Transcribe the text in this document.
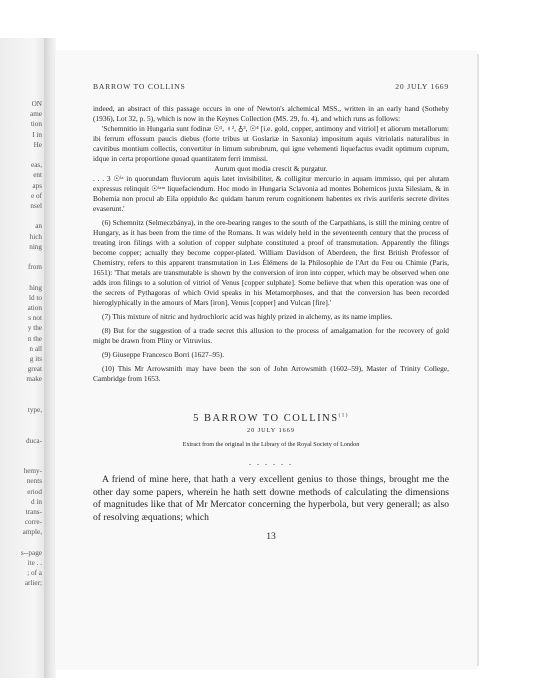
ON
ame
tion
I in
He
eas,
ent
aps
e of
nsel
an
hich
ning
from
hing
ld to
ation
s not
y the
n the
n all
g its
great
make
type,
duca-
hemy-
nents
eriod
d in
trans-
corre-
ample,
s--page
ite . .
; of a
arlier;
BARROW TO COLLINS	20 JULY 1669

indeed, an abstract of this passage occurs in one of Newton's alchemical MSS., written in an early hand (Sotheby (1936), Lot 32, p. 5), which is now in the Keynes Collection (MS. 29, fo. 4), and which runs as follows:

'Schemnitio in Hungaria sunt fodinæ ☉¹, ♀², ♁³, ☉⁴ [i.e. gold, copper, antimony and vitriol] et aliorum metallorum: ibi ferrum effossum paucis diebus (forte tribus ut Goslariæ in Saxonia) impositum aquis vitriolatis naturalibus in cavitibus montium collectis, convertitur in limum subrubrum, qui igne vehementi liquefactus evadit optimum cuprum, idque in certa proportione quoad quantitatem ferri immissi.

Aurum quot modia crescit & purgatur.

. . . 3 ☉ⁱᵃ in quorundam fluviorum aquis latet invisibiliter, & colligitur mercurio in aquam immisso, qui per alutam expressus relinquit ☉ⁱᵃᵐ liquefaciendum. Hoc modo in Hungaria Sclavonia ad montes Bohemicos juxta Silesiam, & in Bohemia non procul ab Eila oppidulo &c quidam harum rerum cognitionem habentes ex rivis auriferis secrete divites evaserunt.'

(6) Schemnitz (Selmeczbánya), in the ore-bearing ranges to the south of the Carpathians, is still the mining centre of Hungary, as it has been from the time of the Romans. It was widely held in the seventeenth century that the process of treating iron filings with a solution of copper sulphate constituted a proof of transmutation. Apparently the filings become copper; actually they become copper-plated. William Davidson of Aberdeen, the first British Professor of Chemistry, refers to this apparent transmutation in Les Élémens de la Philosophie de l'Art du Feu ou Chimie (Paris, 1651): 'That metals are transmutable is shown by the conversion of iron into copper, which may be observed when one adds iron filings to a solution of vitriol of Venus [copper sulphate]. Some believe that when this operation was one of the secrets of Pythagoras of which Ovid speaks in his Metamorphoses, and that the conversion has been recorded hieroglyphically in the amours of Mars [iron], Venus [copper] and Vulcan [fire].'

(7) This mixture of nitric and hydrochloric acid was highly prized in alchemy, as its name implies.

(8) But for the suggestion of a trade secret this allusion to the process of amalgamation for the recovery of gold might be drawn from Pliny or Vitruvius.

(9) Giuseppe Francesco Borri (1627–95).

(10) This Mr Arrowsmith may have been the son of John Arrowsmith (1602–59), Master of Trinity College, Cambridge from 1653.

5 BARROW TO COLLINS$^{(1)}$
20 JULY 1669
Extract from the original in the Library of the Royal Society of London
. . . . . .

A friend of mine here, that hath a very excellent genius to those things, brought me the other day some papers, wherein he hath sett downe methods of calculating the dimensions of magnitudes like that of Mr Mercator concerning the hyperbola, but very generall; as also of resolving æquations; which

13
